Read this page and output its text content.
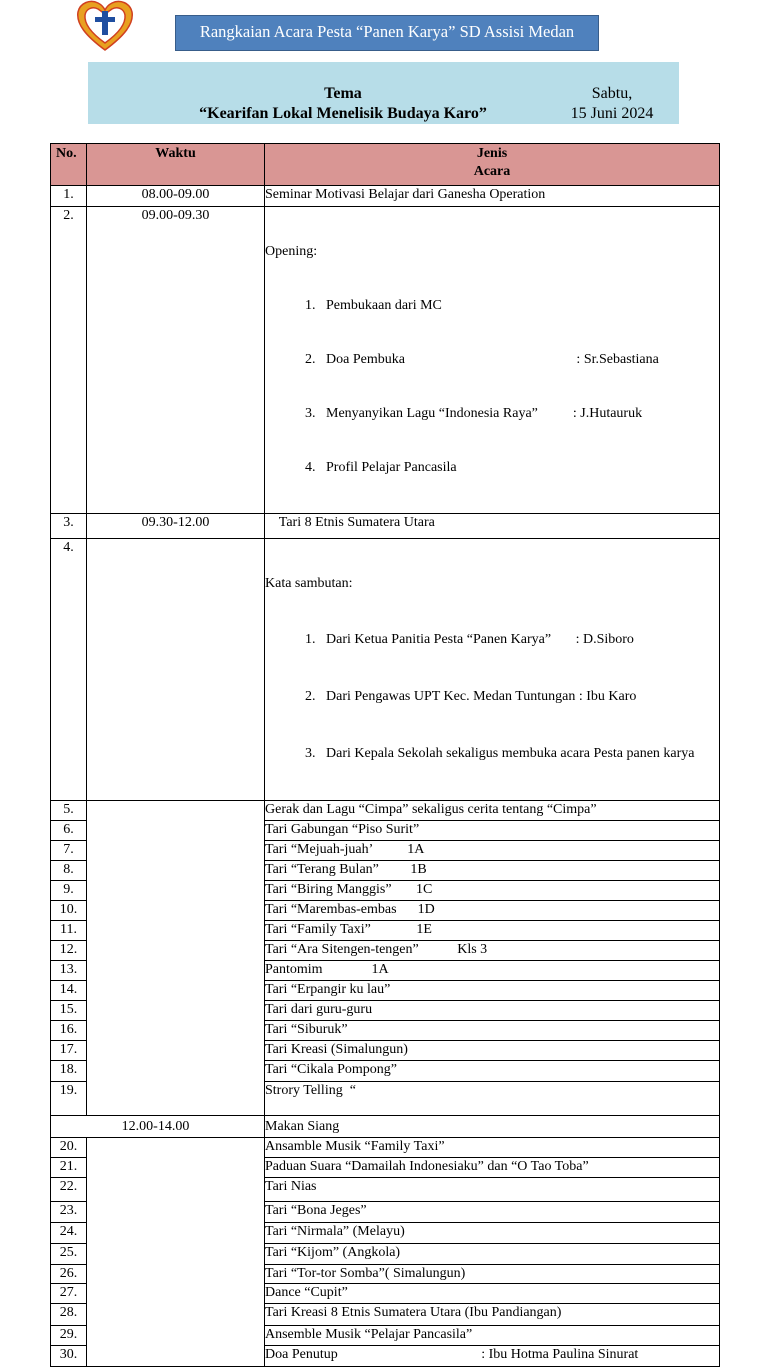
Rangkaian Acara Pesta “Panen Karya” SD Assisi Medan
Tema
“Kearifan Lokal Menelisik Budaya Karo”
Sabtu,
15 Juni 2024
No.	Waktu	Jenis
Acara

1.	08.00-09.00	Seminar Motivasi Belajar dari Ganesha Operation
2.	09.00-09.30	Opening:

1.   Pembukaan dari MC

2.   Doa Pembuka                                                 : Sr.Sebastiana

3.   Menyanyikan Lagu “Indonesia Raya”          : J.Hutauruk

4.   Profil Pelajar Pancasila

3.	09.30-12.00	Tari 8 Etnis Sumatera Utara
4.		Kata sambutan:

1.   Dari Ketua Panitia Pesta “Panen Karya”       : D.Siboro

2.   Dari Pengawas UPT Kec. Medan Tuntungan : Ibu Karo

3.   Dari Kepala Sekolah sekaligus membuka acara Pesta panen karya

5.		Gerak dan Lagu “Cimpa” sekaligus cerita tentang “Cimpa”
6.		Tari Gabungan “Piso Surit”
7.		Tari “Mejuah-juah’          1A
8.		Tari “Terang Bulan”         1B
9.		Tari “Biring Manggis”       1C
10.		Tari “Marembas-embas      1D
11.		Tari “Family Taxi”             1E
12.		Tari “Ara Sitengen-tengen”           Kls 3
13.		Pantomim              1A
14.		Tari “Erpangir ku lau”
15.		Tari dari guru-guru
16.		Tari “Siburuk”
17.		Tari Kreasi (Simalungun)
18.		Tari “Cikala Pompong”
19.		Strory Telling  “
12.00-14.00		Makan Siang
20.		Ansamble Musik “Family Taxi”
21.		Paduan Suara “Damailah Indonesiaku” dan “O Tao Toba”
22.		Tari Nias
23.		Tari “Bona Jeges”
24.		Tari “Nirmala” (Melayu)
25.		Tari “Kijom” (Angkola)
26.		Tari “Tor-tor Somba”( Simalungun)
27.		Dance “Cupit”
28.		Tari Kreasi 8 Etnis Sumatera Utara (Ibu Pandiangan)
29.		Ansemble Musik “Pelajar Pancasila”
30.		Doa Penutup                                         : Ibu Hotma Paulina Sinurat
